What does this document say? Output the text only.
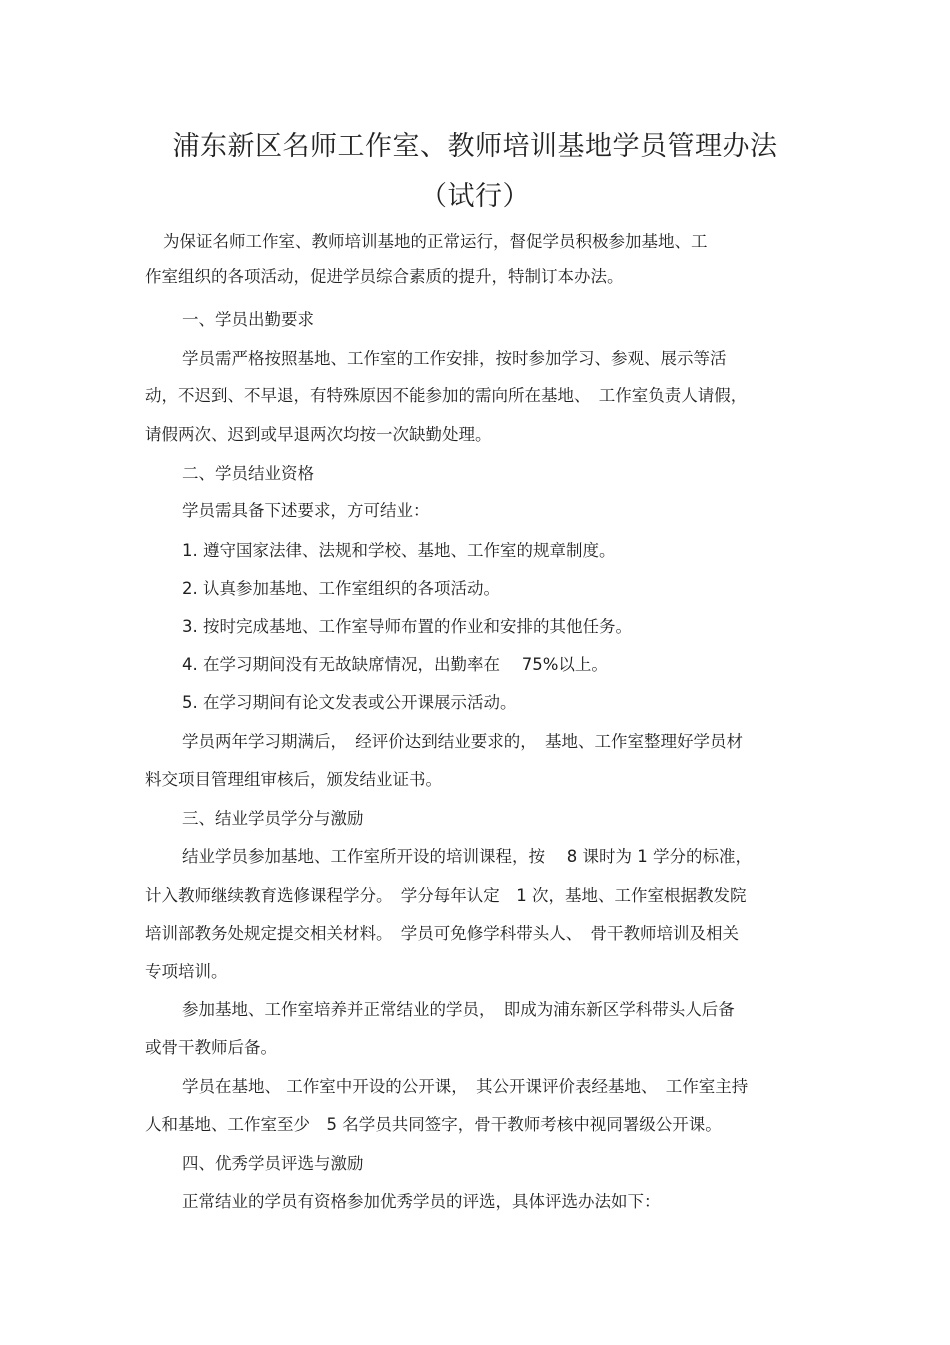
浦东新区名师工作室、教师培训基地学员管理办法
（试行）
为保证名师工作室、教师培训基地的正常运行，督促学员积极参加基地、工
作室组织的各项活动，促进学员综合素质的提升，特制订本办法。
一、学员出勤要求
学员需严格按照基地、工作室的工作安排，按时参加学习、参观、展示等活
动，不迟到、不早退，有特殊原因不能参加的需向所在基地、　工作室负责人请假，
请假两次、迟到或早退两次均按一次缺勤处理。
二、学员结业资格
学员需具备下述要求，方可结业：
1. 遵守国家法律、法规和学校、基地、工作室的规章制度。
2. 认真参加基地、工作室组织的各项活动。
3. 按时完成基地、工作室导师布置的作业和安排的其他任务。
4. 在学习期间没有无故缺席情况，出勤率在　 75%以上。
5. 在学习期间有论文发表或公开课展示活动。
学员两年学习期满后，　经评价达到结业要求的，　基地、工作室整理好学员材
料交项目管理组审核后，颁发结业证书。
三、结业学员学分与激励
结业学员参加基地、工作室所开设的培训课程，按　 8 课时为 1 学分的标准，
计入教师继续教育选修课程学分。　学分每年认定　1 次，基地、工作室根据教发院
培训部教务处规定提交相关材料。　学员可免修学科带头人、　骨干教师培训及相关
专项培训。
参加基地、工作室培养并正常结业的学员，　即成为浦东新区学科带头人后备
或骨干教师后备。
学员在基地、 工作室中开设的公开课，　其公开课评价表经基地、　工作室主持
人和基地、工作室至少　5 名学员共同签字，骨干教师考核中视同署级公开课。
四、优秀学员评选与激励
正常结业的学员有资格参加优秀学员的评选，具体评选办法如下：
